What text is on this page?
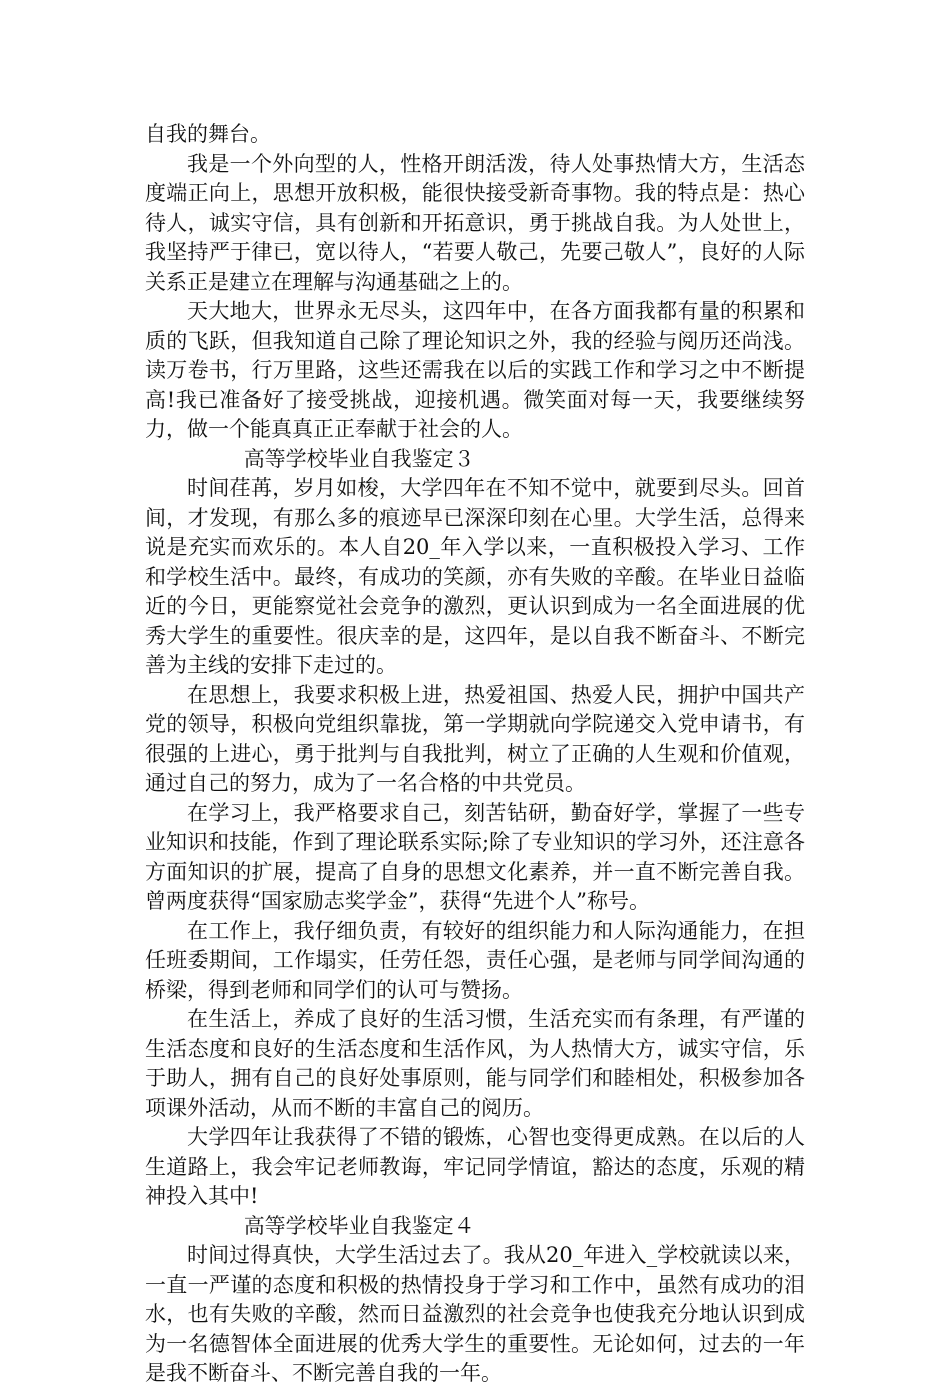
自我的舞台。

我是一个外向型的人，性格开朗活泼，待人处事热情大方，生活态度端正向上，思想开放积极，能很快接受新奇事物。我的特点是：热心待人，诚实守信，具有创新和开拓意识，勇于挑战自我。为人处世上，我坚持严于律已，宽以待人，“若要人敬己，先要己敬人”，良好的人际关系正是建立在理解与沟通基础之上的。

天大地大，世界永无尽头，这四年中，在各方面我都有量的积累和质的飞跃，但我知道自己除了理论知识之外，我的经验与阅历还尚浅。读万卷书，行万里路，这些还需我在以后的实践工作和学习之中不断提高!我已准备好了接受挑战，迎接机遇。微笑面对每一天，我要继续努力，做一个能真真正正奉献于社会的人。

高等学校毕业自我鉴定３

时间荏苒，岁月如梭，大学四年在不知不觉中，就要到尽头。回首间，才发现，有那么多的痕迹早已深深印刻在心里。大学生活，总得来说是充实而欢乐的。本人自20_年入学以来，一直积极投入学习、工作和学校生活中。最终，有成功的笑颜，亦有失败的辛酸。在毕业日益临近的今日，更能察觉社会竞争的激烈，更认识到成为一名全面进展的优秀大学生的重要性。很庆幸的是，这四年，是以自我不断奋斗、不断完善为主线的安排下走过的。

在思想上，我要求积极上进，热爱祖国、热爱人民，拥护中国共产党的领导，积极向党组织靠拢，第一学期就向学院递交入党申请书，有很强的上进心，勇于批判与自我批判，树立了正确的人生观和价值观，通过自己的努力，成为了一名合格的中共党员。

在学习上，我严格要求自己，刻苦钻研，勤奋好学，掌握了一些专业知识和技能，作到了理论联系实际;除了专业知识的学习外，还注意各方面知识的扩展，提高了自身的思想文化素养，并一直不断完善自我。曾两度获得“国家励志奖学金”，获得“先进个人”称号。

在工作上，我仔细负责，有较好的组织能力和人际沟通能力，在担任班委期间，工作塌实，任劳任怨，责任心强，是老师与同学间沟通的桥梁，得到老师和同学们的认可与赞扬。

在生活上，养成了良好的生活习惯，生活充实而有条理，有严谨的生活态度和良好的生活态度和生活作风，为人热情大方，诚实守信，乐于助人，拥有自己的良好处事原则，能与同学们和睦相处，积极参加各项课外活动，从而不断的丰富自己的阅历。

大学四年让我获得了不错的锻炼，心智也变得更成熟。在以后的人生道路上，我会牢记老师教诲，牢记同学情谊，豁达的态度，乐观的精神投入其中!

高等学校毕业自我鉴定４

时间过得真快，大学生活过去了。我从20_年进入_学校就读以来，一直一严谨的态度和积极的热情投身于学习和工作中，虽然有成功的泪水，也有失败的辛酸，然而日益激烈的社会竞争也使我充分地认识到成为一名德智体全面进展的优秀大学生的重要性。无论如何，过去的一年是我不断奋斗、不断完善自我的一年。
